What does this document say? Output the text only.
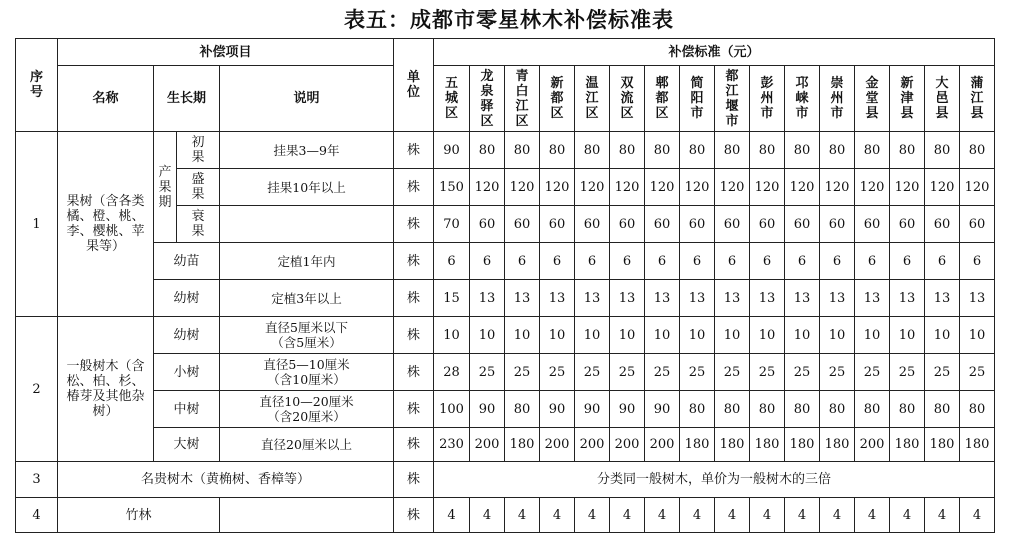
表五：成都市零星林木补偿标准表
序号	补偿项目				单位	补偿标准（元）															
	名称	生长期		说明		五城区	龙泉驿区	青白江区	新都区	温江区	双流区	郫都区	简阳市	都江堰市	彭州市	邛崃市	崇州市	金堂县	新津县	大邑县	蒲江县
1	果树（含各类橘、橙、桃、李、樱桃、苹果等）	产果期	初果	挂果3—9年	株	90	80	80	80	80	80	80	80	80	80	80	80	80	80	80	80
			盛果	挂果10年以上	株	150	120	120	120	120	120	120	120	120	120	120	120	120	120	120	120
			衰果		株	70	60	60	60	60	60	60	60	60	60	60	60	60	60	60	60
		幼苗		定植1年内	株	6	6	6	6	6	6	6	6	6	6	6	6	6	6	6	6
		幼树		定植3年以上	株	15	13	13	13	13	13	13	13	13	13	13	13	13	13	13	13
2	一般树木（含松、柏、杉、椿芽及其他杂树）	幼树		直径5厘米以下
（含5厘米）	株	10	10	10	10	10	10	10	10	10	10	10	10	10	10	10	10
		小树		直径5—10厘米
（含10厘米）	株	28	25	25	25	25	25	25	25	25	25	25	25	25	25	25	25
		中树		直径10—20厘米
（含20厘米）	株	100	90	80	90	90	90	90	80	80	80	80	80	80	80	80	80
		大树		直径20厘米以上	株	230	200	180	200	200	200	200	180	180	180	180	180	200	180	180	180
3	名贵树木（黄桷树、香樟等）				株	分类同一般树木，单价为一般树木的三倍															
4	竹林				株	4	4	4	4	4	4	4	4	4	4	4	4	4	4	4	4
